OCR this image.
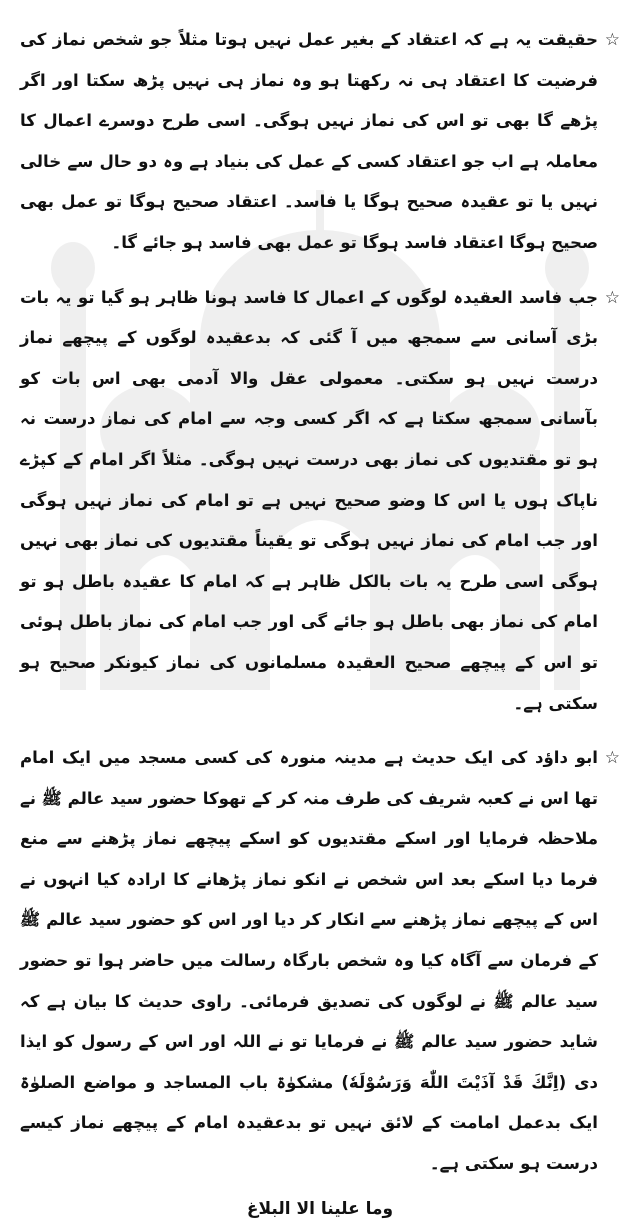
☆
حقیقت یہ ہے کہ اعتقاد کے بغیر عمل نہیں ہوتا مثلاً جو شخص نماز کی فرضیت کا اعتقاد ہی نہ رکھتا ہو وہ نماز ہی نہیں پڑھ سکتا اور اگر پڑھے گا بھی تو اس کی نماز نہیں ہوگی۔ اسی طرح دوسرے اعمال کا معاملہ ہے اب جو اعتقاد کسی کے عمل کی بنیاد ہے وہ دو حال سے خالی نہیں یا تو عقیدہ صحیح ہوگا یا فاسد۔ اعتقاد صحیح ہوگا تو عمل بھی صحیح ہوگا اعتقاد فاسد ہوگا تو عمل بھی فاسد ہو جائے گا۔

☆
جب فاسد العقیدہ لوگوں کے اعمال کا فاسد ہونا ظاہر ہو گیا تو یہ بات بڑی آسانی سے سمجھ میں آ گئی کہ بدعقیدہ لوگوں کے پیچھے نماز درست نہیں ہو سکتی۔ معمولی عقل والا آدمی بھی اس بات کو بآسانی سمجھ سکتا ہے کہ اگر کسی وجہ سے امام کی نماز درست نہ ہو تو مقتدیوں کی نماز بھی درست نہیں ہوگی۔ مثلاً اگر امام کے کپڑے ناپاک ہوں یا اس کا وضو صحیح نہیں ہے تو امام کی نماز نہیں ہوگی اور جب امام کی نماز نہیں ہوگی تو یقیناً مقتدیوں کی نماز بھی نہیں ہوگی اسی طرح یہ بات بالکل ظاہر ہے کہ امام کا عقیدہ باطل ہو تو امام کی نماز بھی باطل ہو جائے گی اور جب امام کی نماز باطل ہوئی تو اس کے پیچھے صحیح العقیدہ مسلمانوں کی نماز کیونکر صحیح ہو سکتی ہے۔

☆
ابو داؤد کی ایک حدیث ہے مدینہ منورہ کی کسی مسجد میں ایک امام تھا اس نے کعبہ شریف کی طرف منہ کر کے تھوکا حضور سید عالم ﷺ نے ملاحظہ فرمایا اور اسکے مقتدیوں کو اسکے پیچھے نماز پڑھنے سے منع فرما دیا اسکے بعد اس شخص نے انکو نماز پڑھانے کا ارادہ کیا انہوں نے اس کے پیچھے نماز پڑھنے سے انکار کر دیا اور اس کو حضور سید عالم ﷺ کے فرمان سے آگاہ کیا وہ شخص بارگاہ رسالت میں حاضر ہوا تو حضور سید عالم ﷺ نے لوگوں کی تصدیق فرمائی۔ راوی حدیث کا بیان ہے کہ شاید حضور سید عالم ﷺ نے فرمایا تو نے اللہ اور اس کے رسول کو ایذا دی (اِنَّكَ قَدْ آذَيْتَ اللّٰهَ وَرَسُوْلَهٗ) مشکوٰۃ باب المساجد و مواضع الصلوٰۃ ایک بدعمل امامت کے لائق نہیں تو بدعقیدہ امام کے پیچھے نماز کیسے درست ہو سکتی ہے۔

وما علینا الا البلاغ
